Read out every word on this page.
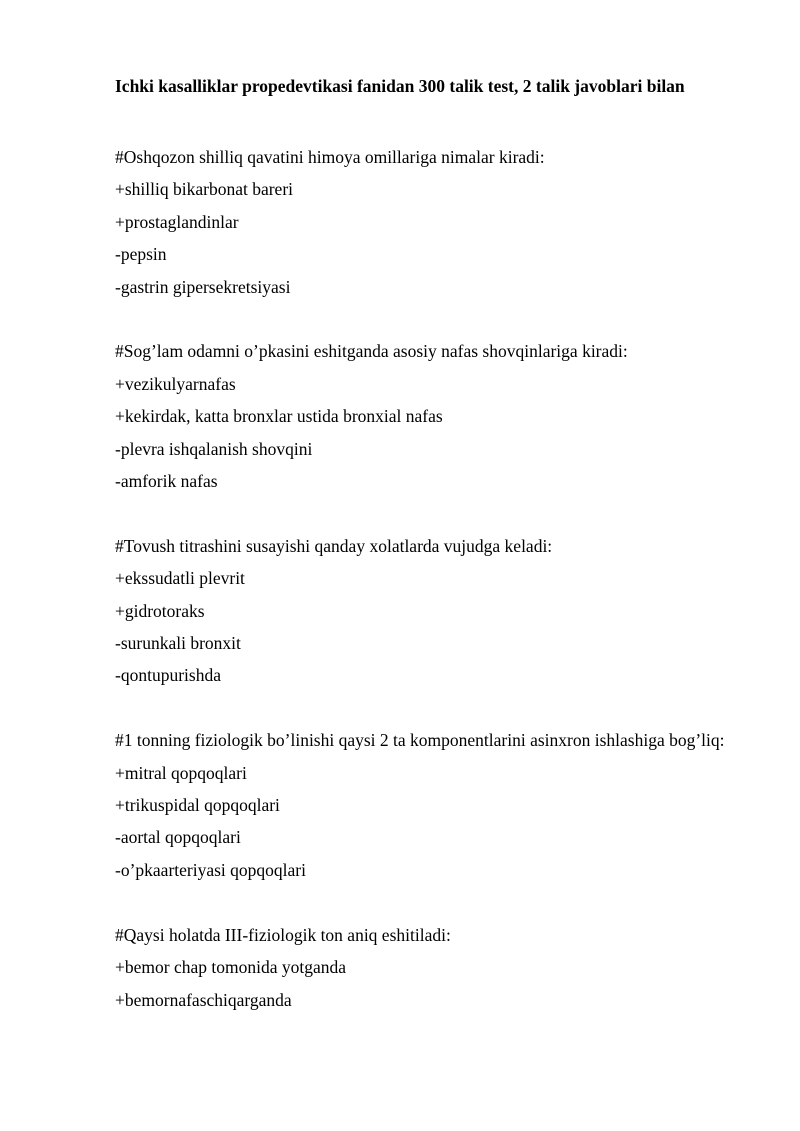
Ichki kasalliklar propedevtikasi fanidan 300 talik test, 2 talik javoblari bilan
#Oshqozon shilliq qavatini himoya omillariga nimalar kiradi:
+shilliq bikarbonat bareri
+prostaglandinlar
-pepsin
-gastrin gipersekretsiyasi
#Sog’lam odamni o’pkasini eshitganda asosiy nafas shovqinlariga kiradi:
+vezikulyarnafas
+kekirdak, katta bronxlar ustida bronxial nafas
-plevra ishqalanish shovqini
-amforik nafas
#Tovush titrashini susayishi qanday xolatlarda vujudga keladi:
+ekssudatli plevrit
+gidrotoraks
-surunkali bronxit
-qontupurishda
#1 tonning fiziologik bo’linishi qaysi 2 ta komponentlarini asinxron ishlashiga bog’liq:
+mitral qopqoqlari
+trikuspidal qopqoqlari
-aortal qopqoqlari
-o’pkaarteriyasi qopqoqlari
#Qaysi holatda III-fiziologik ton aniq eshitiladi:
+bemor chap tomonida yotganda
+bemornafaschiqarganda
